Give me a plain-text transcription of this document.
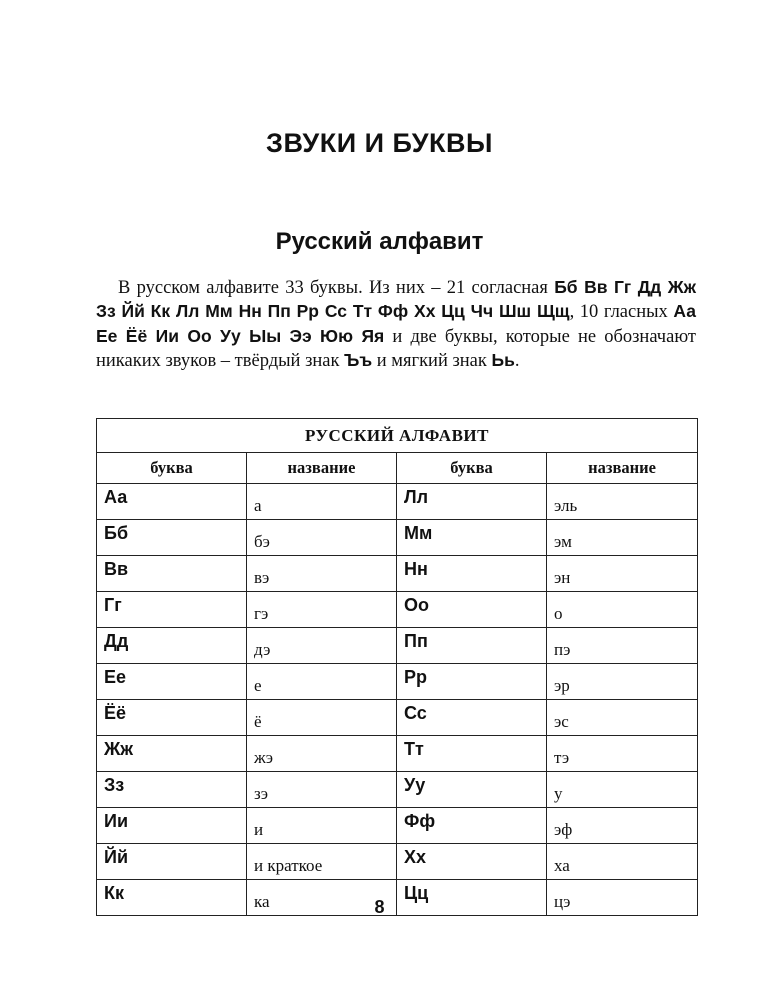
ЗВУКИ И БУКВЫ
Русский алфавит

В русском алфавите 33 буквы. Из них – 21 согласная Бб Вв Гг Дд Жж Зз Йй Кк Лл Мм Нн Пп Рр Сс Тт Фф Хх Цц Чч Шш Щщ, 10 гласных Аа Ее Ёё Ии Оо Уу Ыы Ээ Юю Яя и две буквы, которые не обозначают никаких звуков – твёрдый знак Ъъ и мягкий знак Ьь.

РУССКИЙ АЛФАВИТ			
буква	название	буква	название
Аа	а	Лл	эль
Бб	бэ	Мм	эм
Вв	вэ	Нн	эн
Гг	гэ	Оо	о
Дд	дэ	Пп	пэ
Ее	е	Рр	эр
Ёё	ё	Сс	эс
Жж	жэ	Тт	тэ
Зз	зэ	Уу	у
Ии	и	Фф	эф
Йй	и краткое	Хх	ха
Кк	ка	Цц	цэ
8
